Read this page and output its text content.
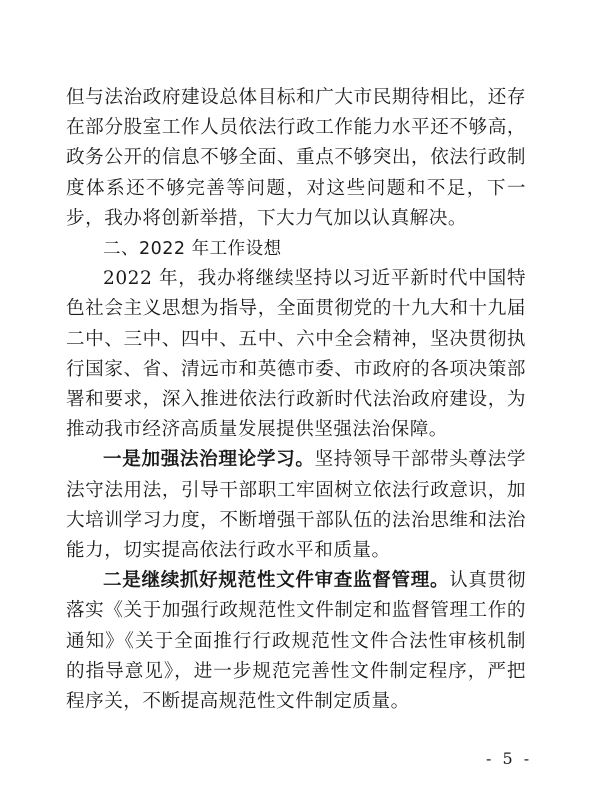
但与法治政府建设总体目标和广大市民期待相比，还存在部分股室工作人员依法行政工作能力水平还不够高，政务公开的信息不够全面、重点不够突出，依法行政制度体系还不够完善等问题，对这些问题和不足，下一步，我办将创新举措，下大力气加以认真解决。

二、2022 年工作设想

2022 年，我办将继续坚持以习近平新时代中国特色社会主义思想为指导，全面贯彻党的十九大和十九届二中、三中、四中、五中、六中全会精神，坚决贯彻执行国家、省、清远市和英德市委、市政府的各项决策部署和要求，深入推进依法行政新时代法治政府建设，为推动我市经济高质量发展提供坚强法治保障。

一是加强法治理论学习。坚持领导干部带头尊法学法守法用法，引导干部职工牢固树立依法行政意识，加大培训学习力度，不断增强干部队伍的法治思维和法治能力，切实提高依法行政水平和质量。

二是继续抓好规范性文件审查监督管理。认真贯彻落实《关于加强行政规范性文件制定和监督管理工作的通知》《关于全面推行行政规范性文件合法性审核机制的指导意见》，进一步规范完善性文件制定程序，严把程序关，不断提高规范性文件制定质量。

- 5 -
